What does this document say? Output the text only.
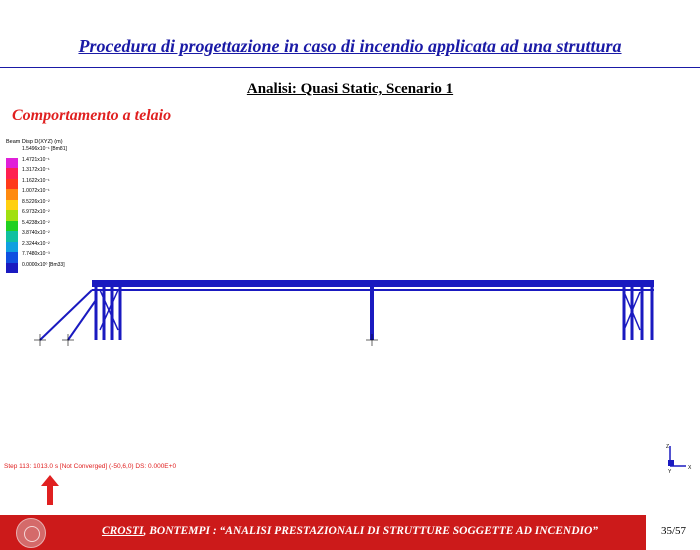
Procedura di progettazione in caso di incendio applicata ad una struttura
Analisi: Quasi Static, Scenario 1
Comportamento a telaio
Beam Disp D(XYZ) (m)
1.5496x10⁻¹ [Bm81]
1.4721x10⁻¹
1.3172x10⁻¹
1.1622x10⁻¹
1.0072x10⁻¹
8.5226x10⁻²
6.9732x10⁻²
5.4238x10⁻²
3.8740x10⁻²
2.3244x10⁻²
7.7480x10⁻³
0.0000x10⁰ [Bm33]
Step 113: 1013.0 s [Not Converged] (-50,6,0) DS: 0.000E+0
Z
Y
X
CROSTI, BONTEMPI : “ANALISI PRESTAZIONALI DI STRUTTURE SOGGETTE AD INCENDIO”	35/57
